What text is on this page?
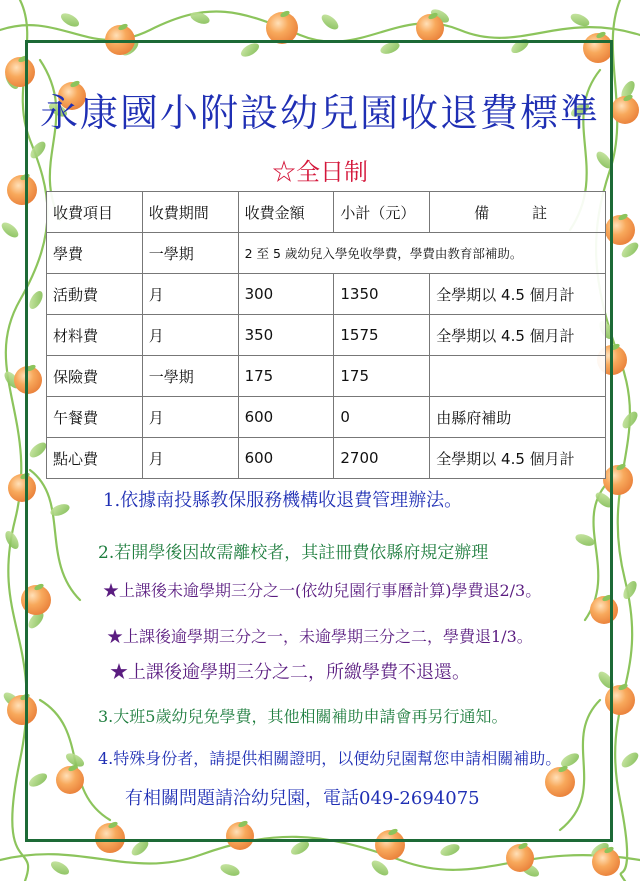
永康國小附設幼兒園收退費標準
☆全日制
收費項目	收費期間	收費金額	小計（元）	備　註
學費	一學期	2 至 5 歲幼兒入學免收學費，學費由教育部補助。		
活動費	月	300	1350	全學期以 4.5 個月計
材料費	月	350	1575	全學期以 4.5 個月計
保險費	一學期	175	175	
午餐費	月	600	0	由縣府補助
點心費	月	600	2700	全學期以 4.5 個月計
1.依據南投縣教保服務機構收退費管理辦法。
2.若開學後因故需離校者，其註冊費依縣府規定辦理
★上課後未逾學期三分之一(依幼兒園行事曆計算)學費退2/3。
★上課後逾學期三分之一，未逾學期三分之二，學費退1/3。
★上課後逾學期三分之二，所繳學費不退還。
3.大班5歲幼兒免學費，其他相關補助申請會再另行通知。
4.特殊身份者，請提供相關證明，以便幼兒園幫您申請相關補助。
有相關問題請洽幼兒園，電話049-2694075
